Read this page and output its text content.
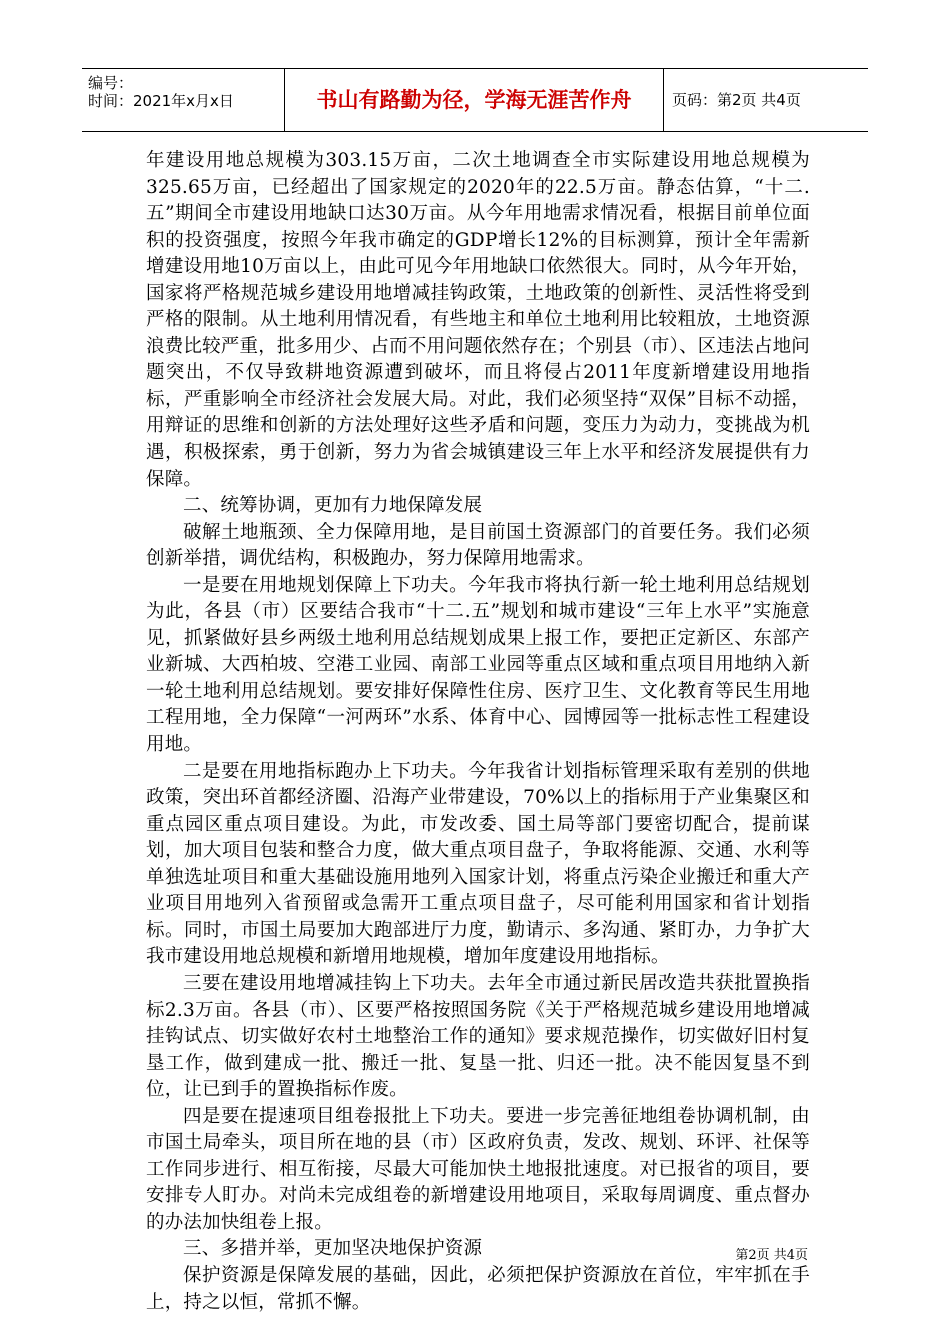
编号：
时间：2021年x月x日	书山有路勤为径，学海无涯苦作舟	页码：第2页 共4页

年建设用地总规模为303.15万亩，二次土地调查全市实际建设用地总规模为325.65万亩，已经超出了国家规定的2020年的22.5万亩。静态估算，“十二.五”期间全市建设用地缺口达30万亩。从今年用地需求情况看，根据目前单位面积的投资强度，按照今年我市确定的GDP增长12%的目标测算，预计全年需新增建设用地10万亩以上，由此可见今年用地缺口依然很大。同时，从今年开始，国家将严格规范城乡建设用地增减挂钩政策，土地政策的创新性、灵活性将受到严格的限制。从土地利用情况看，有些地主和单位土地利用比较粗放，土地资源浪费比较严重，批多用少、占而不用问题依然存在；个别县（市）、区违法占地问题突出，不仅导致耕地资源遭到破坏，而且将侵占2011年度新增建设用地指标，严重影响全市经济社会发展大局。对此，我们必须坚持“双保”目标不动摇，用辩证的思维和创新的方法处理好这些矛盾和问题，变压力为动力，变挑战为机遇，积极探索，勇于创新，努力为省会城镇建设三年上水平和经济发展提供有力保障。

二、统筹协调，更加有力地保障发展

破解土地瓶颈、全力保障用地，是目前国土资源部门的首要任务。我们必须创新举措，调优结构，积极跑办，努力保障用地需求。

一是要在用地规划保障上下功夫。今年我市将执行新一轮土地利用总结规划为此，各县（市）区要结合我市“十二.五”规划和城市建设“三年上水平”实施意见，抓紧做好县乡两级土地利用总结规划成果上报工作，要把正定新区、东部产业新城、大西柏坡、空港工业园、南部工业园等重点区域和重点项目用地纳入新一轮土地利用总结规划。要安排好保障性住房、医疗卫生、文化教育等民生用地工程用地，全力保障“一河两环”水系、体育中心、园博园等一批标志性工程建设用地。

二是要在用地指标跑办上下功夫。今年我省计划指标管理采取有差别的供地政策，突出环首都经济圈、沿海产业带建设，70%以上的指标用于产业集聚区和重点园区重点项目建设。为此，市发改委、国土局等部门要密切配合，提前谋划，加大项目包装和整合力度，做大重点项目盘子，争取将能源、交通、水利等单独选址项目和重大基础设施用地列入国家计划，将重点污染企业搬迁和重大产业项目用地列入省预留或急需开工重点项目盘子，尽可能利用国家和省计划指标。同时，市国土局要加大跑部进厅力度，勤请示、多沟通、紧盯办，力争扩大我市建设用地总规模和新增用地规模，增加年度建设用地指标。

三要在建设用地增减挂钩上下功夫。去年全市通过新民居改造共获批置换指标2.3万亩。各县（市）、区要严格按照国务院《关于严格规范城乡建设用地增减挂钩试点、切实做好农村土地整治工作的通知》要求规范操作，切实做好旧村复垦工作，做到建成一批、搬迁一批、复垦一批、归还一批。决不能因复垦不到位，让已到手的置换指标作废。

四是要在提速项目组卷报批上下功夫。要进一步完善征地组卷协调机制，由市国土局牵头，项目所在地的县（市）区政府负责，发改、规划、环评、社保等工作同步进行、相互衔接，尽最大可能加快土地报批速度。对已报省的项目，要安排专人盯办。对尚未完成组卷的新增建设用地项目，采取每周调度、重点督办的办法加快组卷上报。

三、多措并举，更加坚决地保护资源

保护资源是保障发展的基础，因此，必须把保护资源放在首位，牢牢抓在手上，持之以恒，常抓不懈。

第2页 共4页
